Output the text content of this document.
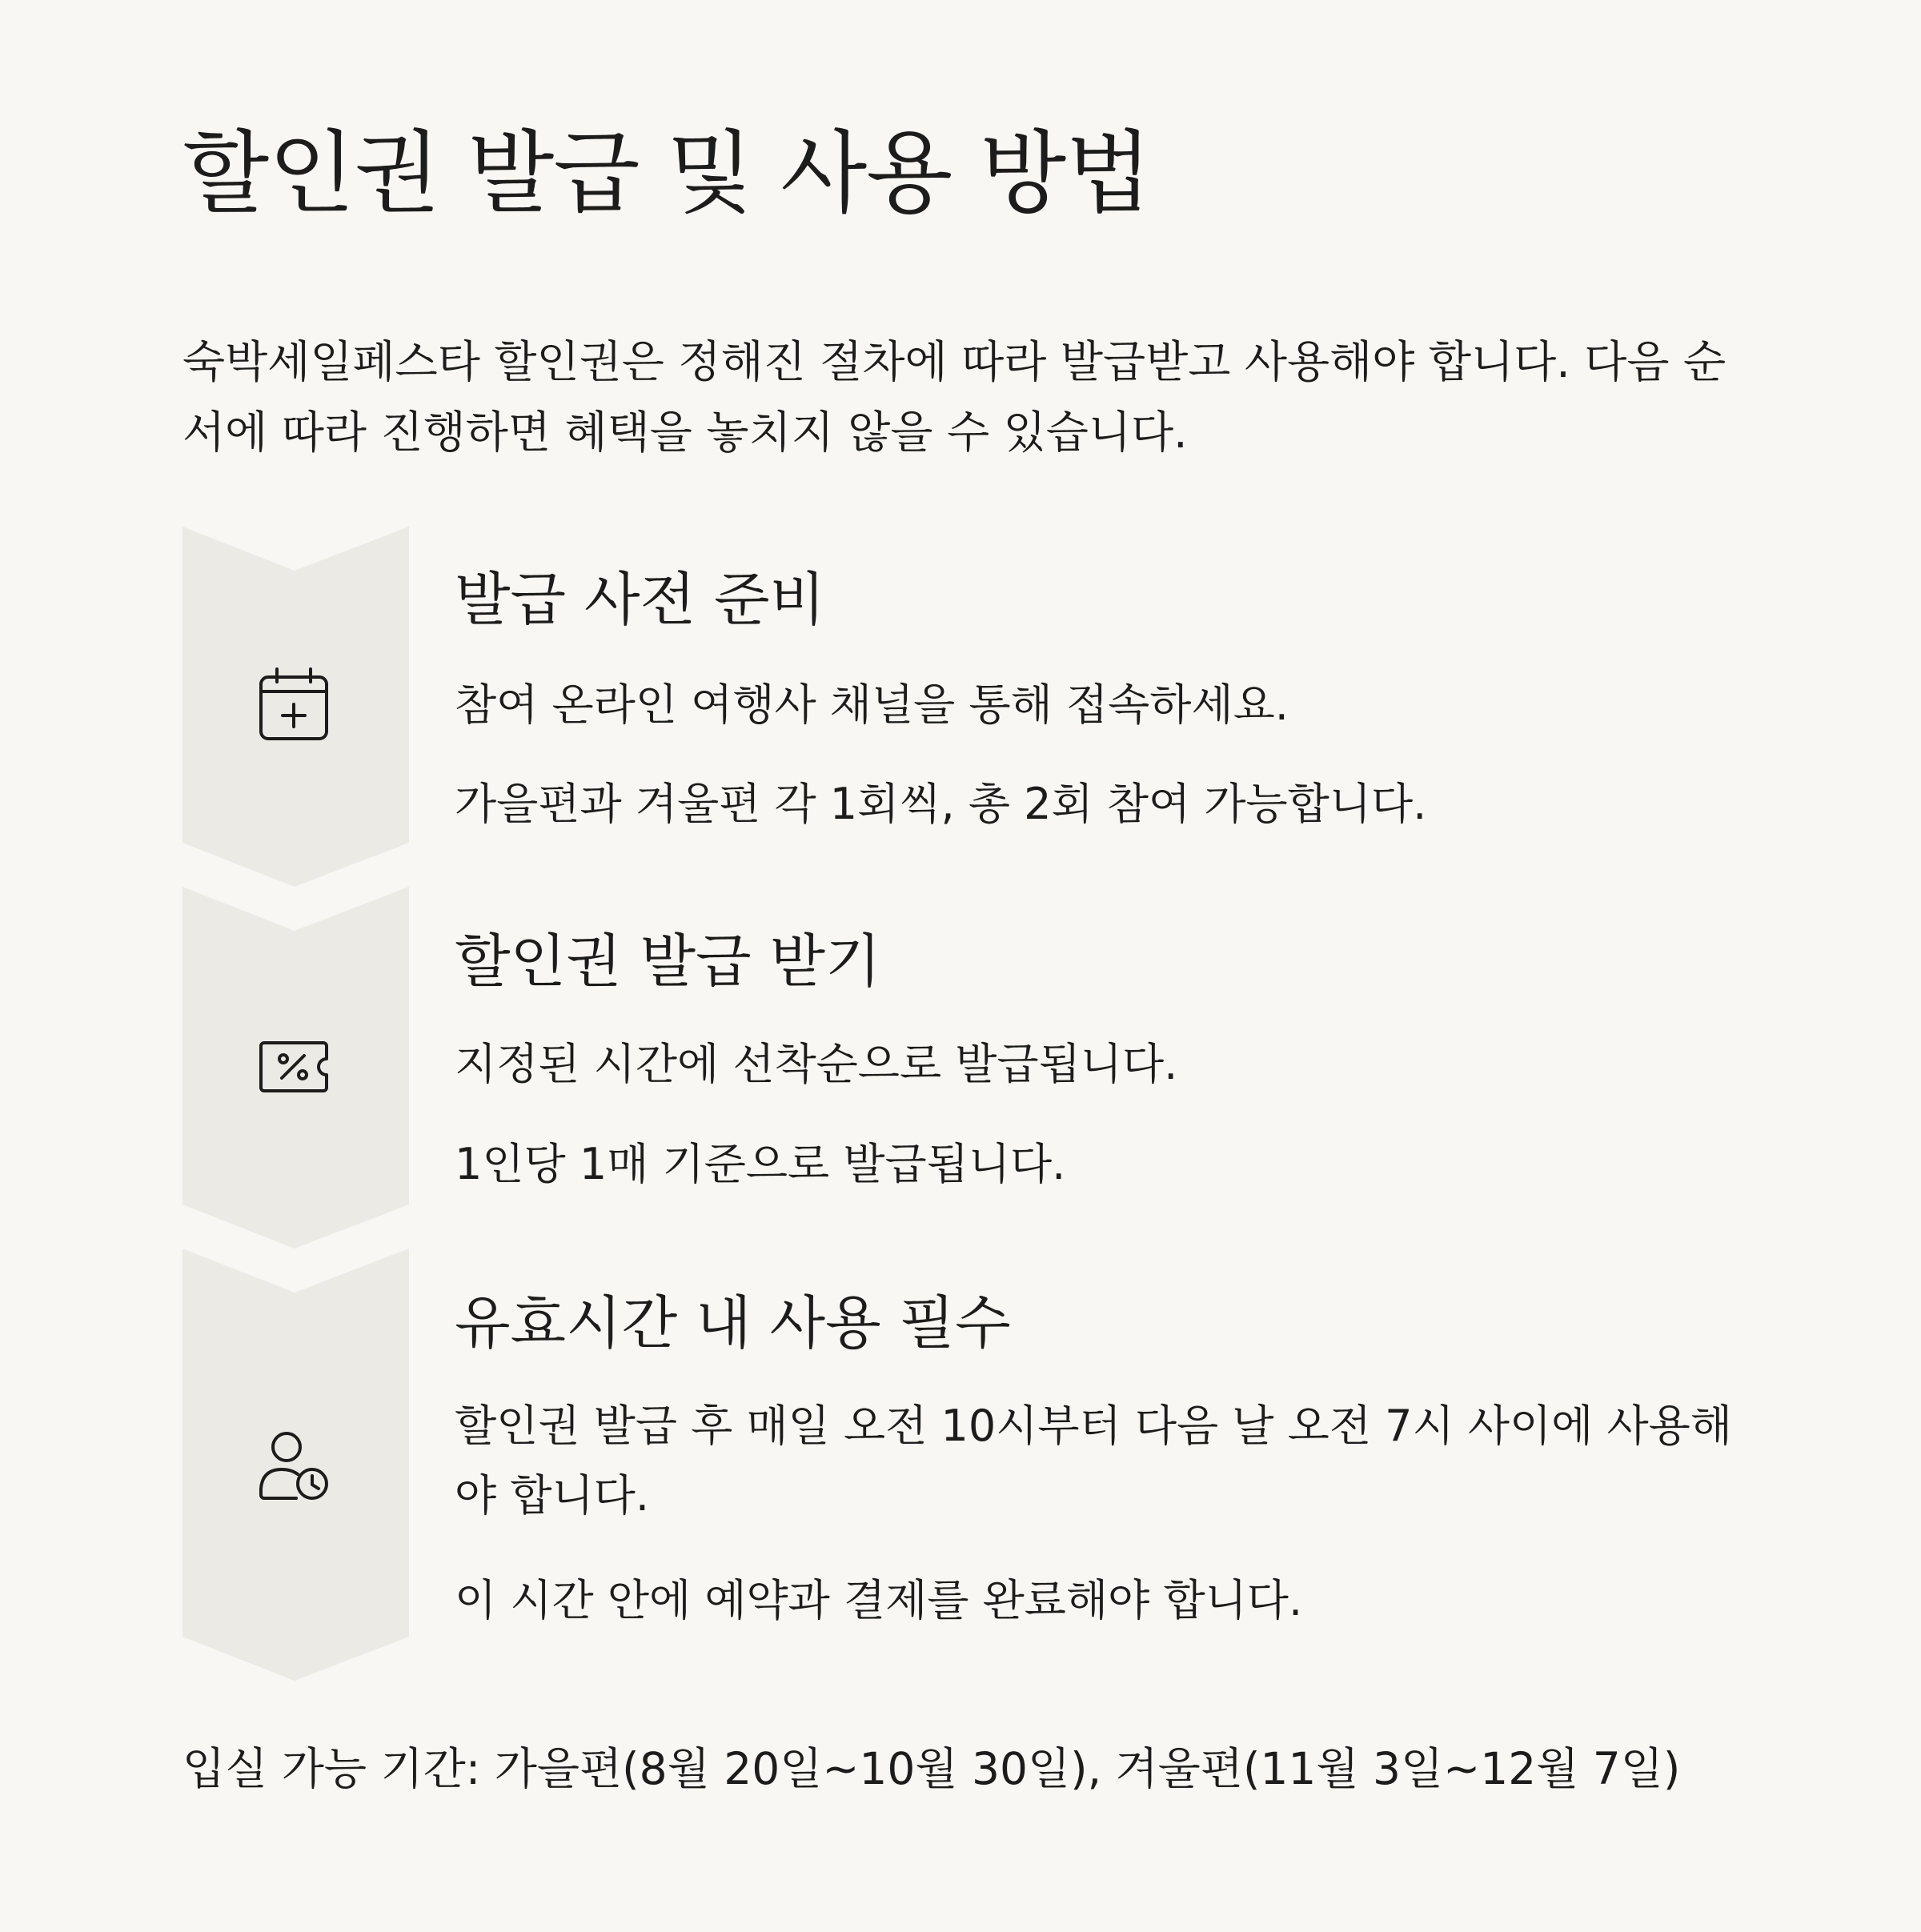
할인권 발급 및 사용 방법

숙박세일페스타 할인권은 정해진 절차에 따라 발급받고 사용해야 합니다. 다음 순서에 따라 진행하면 혜택을 놓치지 않을 수 있습니다.

발급 사전 준비

참여 온라인 여행사 채널을 통해 접속하세요.

가을편과 겨울편 각 1회씩, 총 2회 참여 가능합니다.

할인권 발급 받기

지정된 시간에 선착순으로 발급됩니다.

1인당 1매 기준으로 발급됩니다.

유효시간 내 사용 필수

할인권 발급 후 매일 오전 10시부터 다음 날 오전 7시 사이에 사용해야 합니다.

이 시간 안에 예약과 결제를 완료해야 합니다.

입실 가능 기간: 가을편(8월 20일~10월 30일), 겨울편(11월 3일~12월 7일)
